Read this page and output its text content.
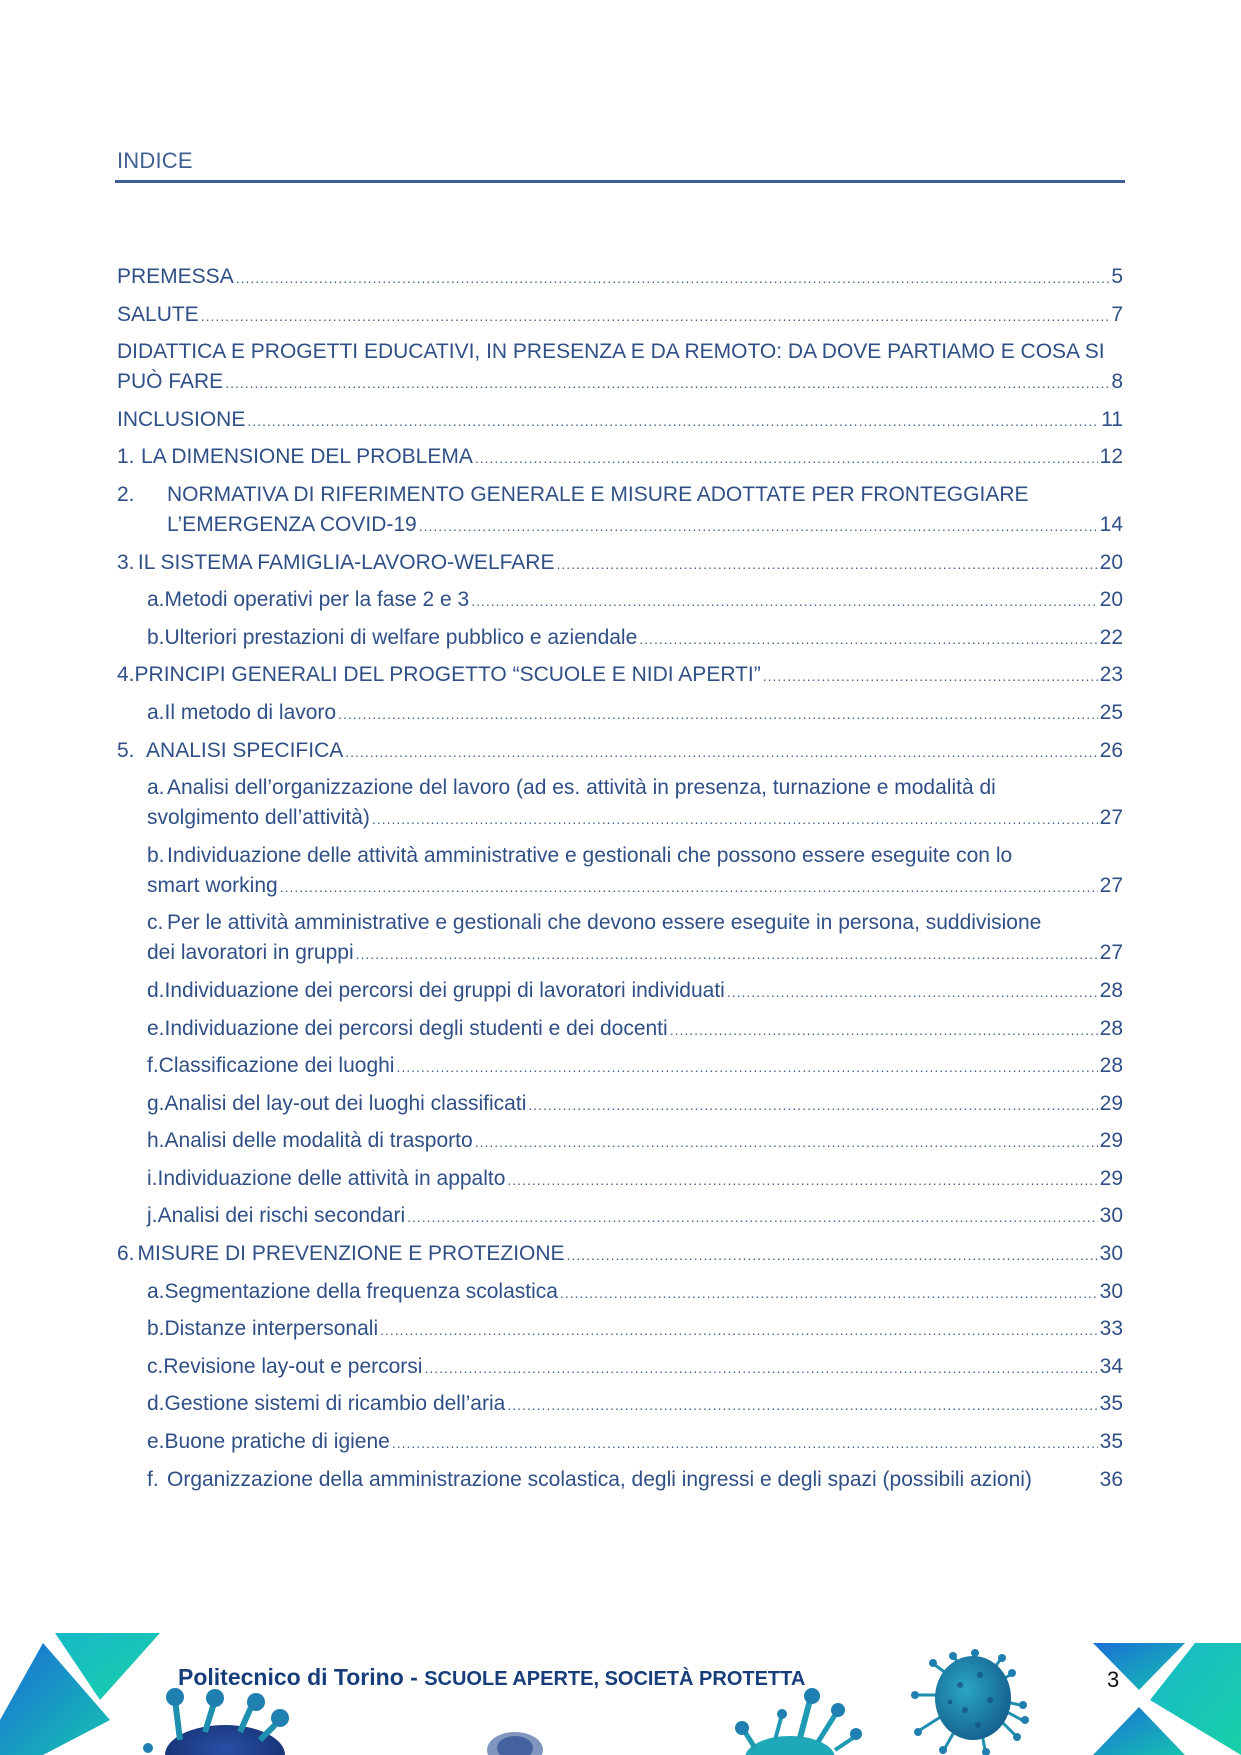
INDICE
PREMESSA .....	5
SALUTE .....	7
DIDATTICA E PROGETTI EDUCATIVI, IN PRESENZA E DA REMOTO: DA DOVE PARTIAMO E COSA SI
PUÒ FARE .....	8
INCLUSIONE .....	11
1. LA DIMENSIONE DEL PROBLEMA .....	12
2.	NORMATIVA DI RIFERIMENTO GENERALE E MISURE ADOTTATE PER FRONTEGGIARE
L’EMERGENZA COVID-19 .....	14
3. IL SISTEMA FAMIGLIA-LAVORO-WELFARE .....	20
a. Metodi operativi per la fase 2 e 3 .....	20
b. Ulteriori prestazioni di welfare pubblico e aziendale .....	22
4. PRINCIPI GENERALI DEL PROGETTO “SCUOLE E NIDI APERTI” .....	23
a. Il metodo di lavoro .....	25
5. ANALISI SPECIFICA .....	26
a. Analisi dell’organizzazione del lavoro (ad es. attività in presenza, turnazione e modalità di
svolgimento dell’attività) .....	27
b. Individuazione delle attività amministrative e gestionali che possono essere eseguite con lo
smart working .....	27
c. Per le attività amministrative e gestionali che devono essere eseguite in persona, suddivisione
dei lavoratori in gruppi .....	27
d. Individuazione dei percorsi dei gruppi di lavoratori individuati .....	28
e. Individuazione dei percorsi degli studenti e dei docenti .....	28
f. Classificazione dei luoghi .....	28
g. Analisi del lay-out dei luoghi classificati .....	29
h. Analisi delle modalità di trasporto .....	29
i. Individuazione delle attività in appalto .....	29
j. Analisi dei rischi secondari .....	30
6. MISURE DI PREVENZIONE E PROTEZIONE .....	30
a. Segmentazione della frequenza scolastica .....	30
b. Distanze interpersonali .....	33
c. Revisione lay-out e percorsi .....	34
d. Gestione sistemi di ricambio dell’aria .....	35
e. Buone pratiche di igiene .....	35
f. Organizzazione della amministrazione scolastica, degli ingressi e degli spazi (possibili azioni)	36
Politecnico di Torino - SCUOLE APERTE, SOCIETÀ PROTETTA	3
